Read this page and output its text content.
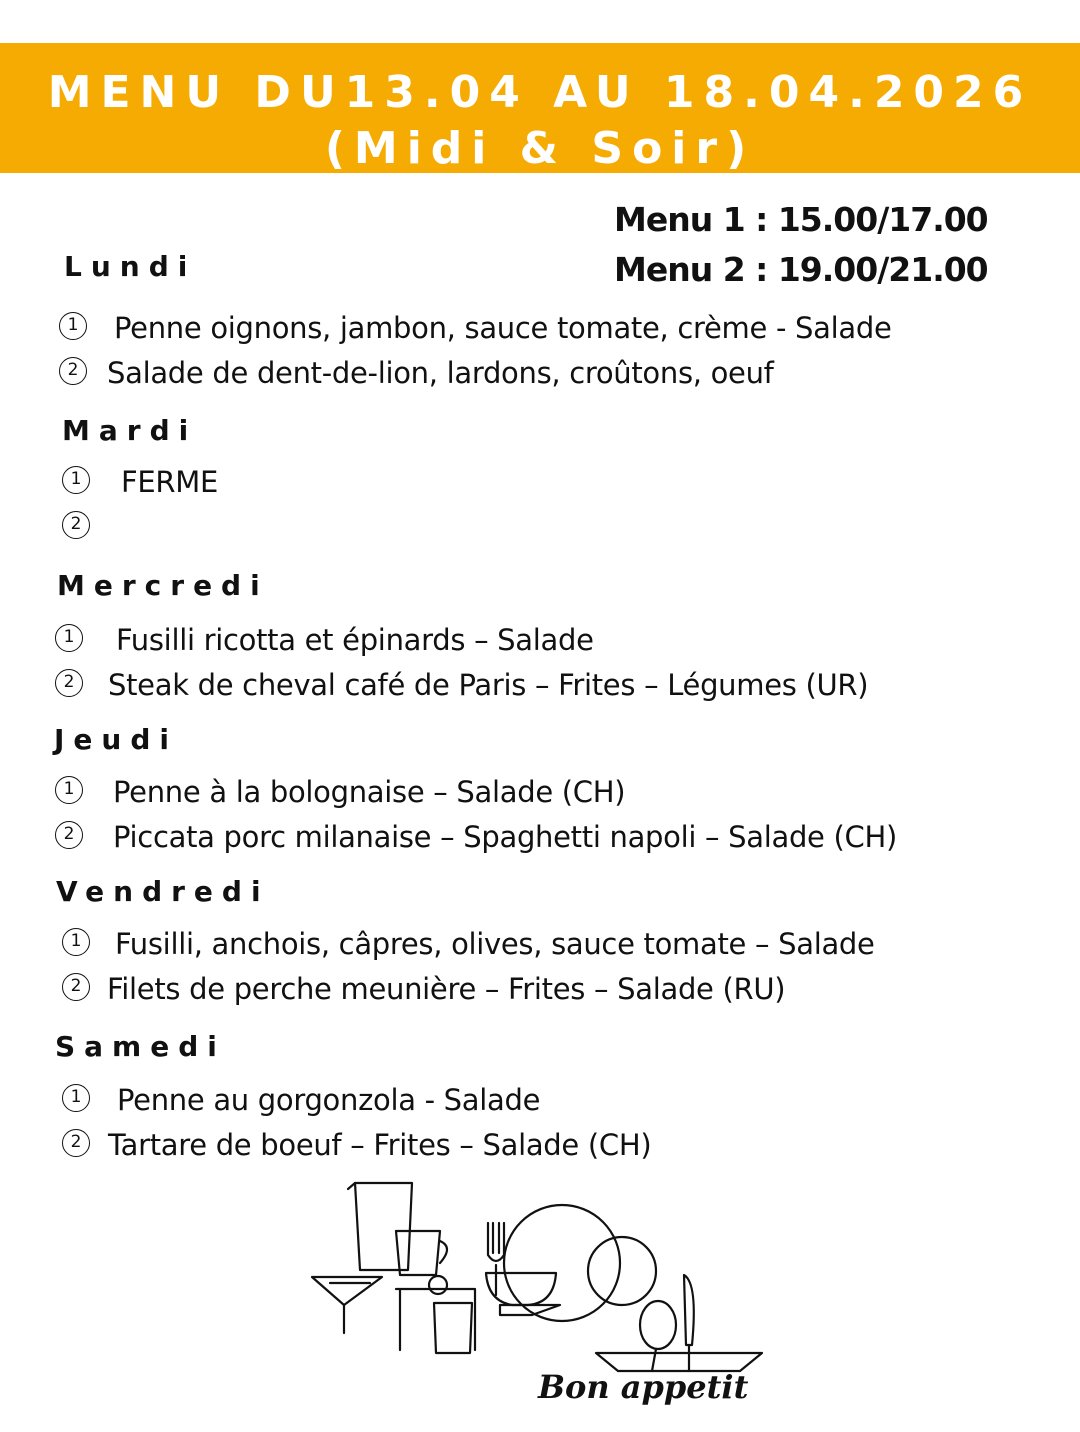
MENU DU13.04 AU 18.04.2026
(Midi & Soir)
Menu 1 : 15.00/17.00
Menu 2 : 19.00/21.00
Lundi
1 Penne oignons, jambon, sauce tomate, crème - Salade
2 Salade de dent-de-lion, lardons, croûtons, oeuf
Mardi
1 FERME
2
Mercredi
1 Fusilli ricotta et épinards – Salade
2 Steak de cheval café de Paris – Frites – Légumes (UR)
Jeudi
1 Penne à la bolognaise – Salade (CH)
2 Piccata porc milanaise – Spaghetti napoli – Salade (CH)
Vendredi
1 Fusilli, anchois, câpres, olives, sauce tomate – Salade
2 Filets de perche meunière – Frites – Salade (RU)
Samedi
1 Penne au gorgonzola - Salade
2 Tartare de boeuf – Frites – Salade (CH)
Bon appetit
